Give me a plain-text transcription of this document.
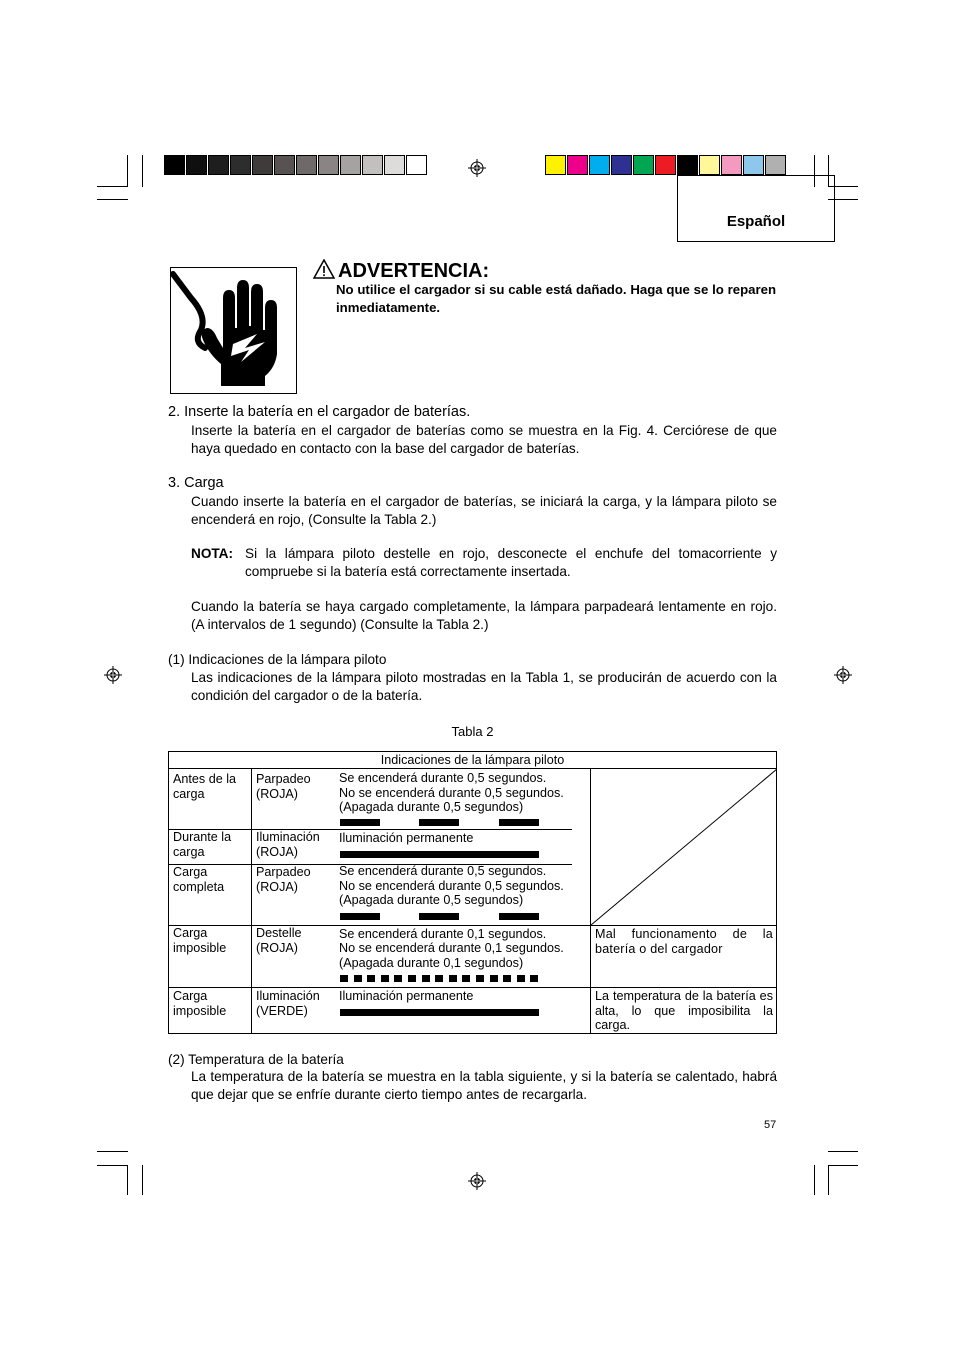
Español
ADVERTENCIA:
No utilice el cargador si su cable está dañado. Haga que se lo reparen inmediatamente.
2. Inserte la batería en el cargador de baterías.
Inserte la batería en el cargador de baterías como se muestra en la Fig. 4. Cerciórese de que haya quedado en contacto con la base del cargador de baterías.
3. Carga
Cuando inserte la batería en el cargador de baterías, se iniciará la carga, y la lámpara piloto se encenderá en rojo, (Consulte la Tabla 2.)
NOTA: Si la lámpara piloto destelle en rojo, desconecte el enchufe del tomacorriente y compruebe si la batería está correctamente insertada.
Cuando la batería se haya cargado completamente, la lámpara parpadeará lentamente en rojo. (A intervalos de 1 segundo) (Consulte la Tabla 2.)
(1) Indicaciones de la lámpara piloto
Las indicaciones de la lámpara piloto mostradas en la Tabla 1, se producirán de acuerdo con la condición del cargador o de la batería.
Tabla 2
Indicaciones de la lámpara piloto
Antes de la carga
Parpadeo (ROJA)
Se encenderá durante 0,5 segundos.
No se encenderá durante 0,5 segundos.
(Apagada durante 0,5 segundos)
Durante la carga
Iluminación (ROJA)
Iluminación permanente
Carga completa
Parpadeo (ROJA)
Se encenderá durante 0,5 segundos.
No se encenderá durante 0,5 segundos.
(Apagada durante 0,5 segundos)
Carga imposible
Destelle (ROJA)
Se encenderá durante 0,1 segundos.
No se encenderá durante 0,1 segundos.
(Apagada durante 0,1 segundos)
Mal funcionamento de la batería o del cargador
Carga imposible
Iluminación (VERDE)
Iluminación permanente	La temperatura de la batería es alta, lo que imposibilita la carga.
(2) Temperatura de la batería
La temperatura de la batería se muestra en la tabla siguiente, y si la batería se calentado, habrá que dejar que se enfríe durante cierto tiempo antes de recargarla.
57
